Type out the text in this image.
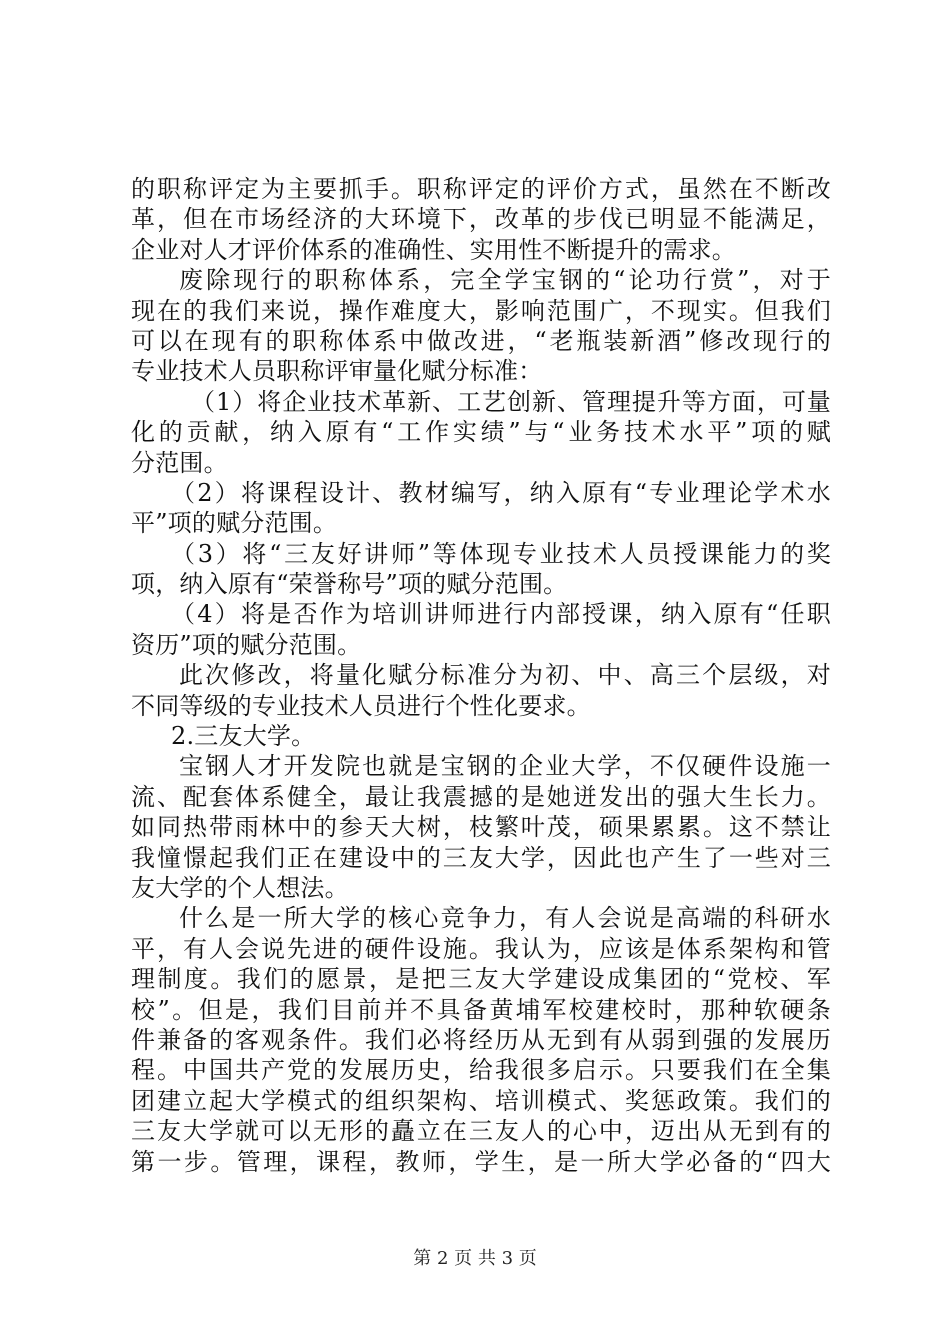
的职称评定为主要抓手。职称评定的评价方式，虽然在不断改
革，但在市场经济的大环境下，改革的步伐已明显不能满足，
企业对人才评价体系的准确性、实用性不断提升的需求。
废除现行的职称体系，完全学宝钢的“论功行赏”，对于
现在的我们来说，操作难度大，影响范围广，不现实。但我们
可以在现有的职称体系中做改进，“老瓶装新酒”修改现行的
专业技术人员职称评审量化赋分标准：
（1）将企业技术革新、工艺创新、管理提升等方面，可量
化的贡献，纳入原有“工作实绩”与“业务技术水平”项的赋
分范围。
（2）将课程设计、教材编写，纳入原有“专业理论学术水
平”项的赋分范围。
（3）将“三友好讲师”等体现专业技术人员授课能力的奖
项，纳入原有“荣誉称号”项的赋分范围。
（4）将是否作为培训讲师进行内部授课，纳入原有“任职
资历”项的赋分范围。
此次修改，将量化赋分标准分为初、中、高三个层级，对
不同等级的专业技术人员进行个性化要求。
2.三友大学。
宝钢人才开发院也就是宝钢的企业大学，不仅硬件设施一
流、配套体系健全，最让我震撼的是她迸发出的强大生长力。
如同热带雨林中的参天大树，枝繁叶茂，硕果累累。这不禁让
我憧憬起我们正在建设中的三友大学，因此也产生了一些对三
友大学的个人想法。
什么是一所大学的核心竞争力，有人会说是高端的科研水
平，有人会说先进的硬件设施。我认为，应该是体系架构和管
理制度。我们的愿景，是把三友大学建设成集团的“党校、军
校”。但是，我们目前并不具备黄埔军校建校时，那种软硬条
件兼备的客观条件。我们必将经历从无到有从弱到强的发展历
程。中国共产党的发展历史，给我很多启示。只要我们在全集
团建立起大学模式的组织架构、培训模式、奖惩政策。我们的
三友大学就可以无形的矗立在三友人的心中，迈出从无到有的
第一步。管理，课程，教师，学生，是一所大学必备的“四大
第 2 页 共 3 页
